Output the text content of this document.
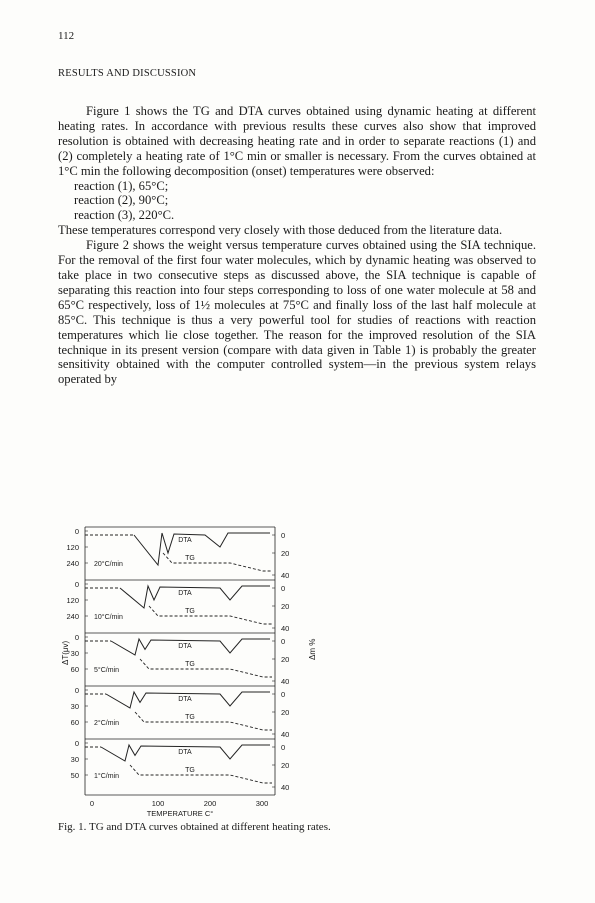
112
RESULTS AND DISCUSSION

Figure 1 shows the TG and DTA curves obtained using dynamic heating at different heating rates. In accordance with previous results these curves also show that improved resolution is obtained with decreasing heating rate and in order to separate reactions (1) and (2) completely a heating rate of 1°C min or smaller is necessary. From the curves obtained at 1°C min the following decomposition (onset) temperatures were observed:

reaction (1), 65°C;

reaction (2), 90°C;

reaction (3), 220°C.

These temperatures correspond very closely with those deduced from the literature data.

Figure 2 shows the weight versus temperature curves obtained using the SIA technique. For the removal of the first four water molecules, which by dynamic heating was observed to take place in two consecutive steps as discussed above, the SIA technique is capable of separating this reaction into four steps corresponding to loss of one water molecule at 58 and 65°C respectively, loss of 1½ molecules at 75°C and finally loss of the last half molecule at 85°C. This technique is thus a very powerful tool for studies of reactions with reaction temperatures which lie close together. The reason for the improved resolution of the SIA technique in its present version (compare with data given in Table 1) is probably the greater sensitivity obtained with the computer controlled system—in the previous system relays operated by

ΔT(μv)	Δm %
0
120
240
0
20
40
DTA
TG
20°C/min
0
120
240
0
20
40
DTA
TG
10°C/min
0
30
60
0
20
40
DTA
TG
5°C/min
0
30
60
0
20
40
DTA
TG
2°C/min
0
30
50
0
20
40
DTA
TG
1°C/min
0	100	200	300
TEMPERATURE C°
Fig. 1. TG and DTA curves obtained at different heating rates.
